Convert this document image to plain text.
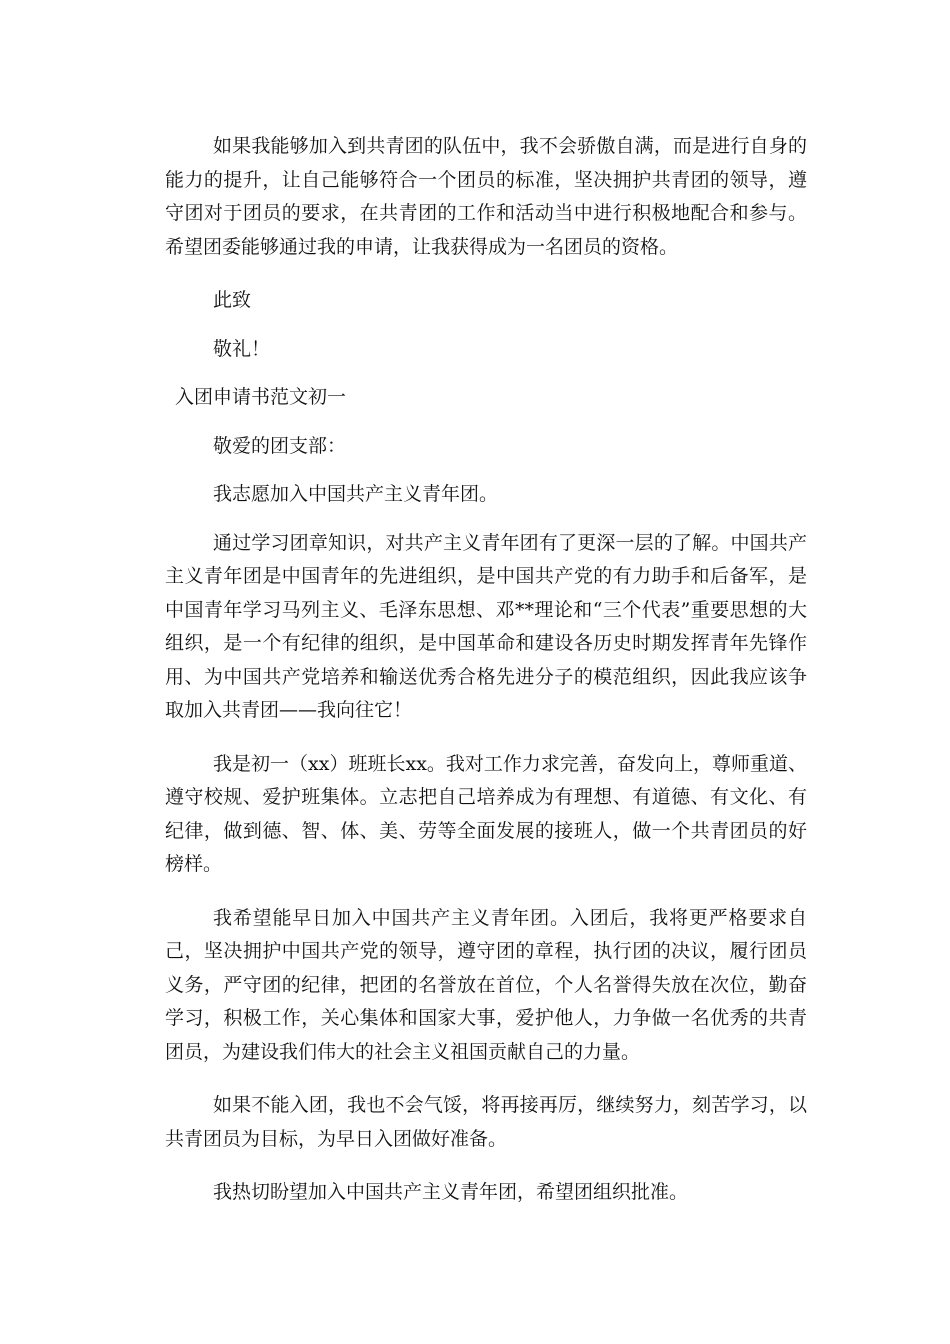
如果我能够加入到共青团的队伍中，我不会骄傲自满，而是进行自身的能力的提升，让自己能够符合一个团员的标准，坚决拥护共青团的领导，遵守团对于团员的要求，在共青团的工作和活动当中进行积极地配合和参与。希望团委能够通过我的申请，让我获得成为一名团员的资格。

此致

敬礼！

入团申请书范文初一

敬爱的团支部：

我志愿加入中国共产主义青年团。

通过学习团章知识，对共产主义青年团有了更深一层的了解。中国共产主义青年团是中国青年的先进组织，是中国共产党的有力助手和后备军，是中国青年学习马列主义、毛泽东思想、邓**理论和“三个代表”重要思想的大组织，是一个有纪律的组织，是中国革命和建设各历史时期发挥青年先锋作用、为中国共产党培养和输送优秀合格先进分子的模范组织，因此我应该争取加入共青团——我向往它！

我是初一（xx）班班长xx。我对工作力求完善，奋发向上，尊师重道、遵守校规、爱护班集体。立志把自己培养成为有理想、有道德、有文化、有纪律，做到德、智、体、美、劳等全面发展的接班人，做一个共青团员的好榜样。

我希望能早日加入中国共产主义青年团。入团后，我将更严格要求自己，坚决拥护中国共产党的领导，遵守团的章程，执行团的决议，履行团员义务，严守团的纪律，把团的名誉放在首位，个人名誉得失放在次位，勤奋学习，积极工作，关心集体和国家大事，爱护他人，力争做一名优秀的共青团员，为建设我们伟大的社会主义祖国贡献自己的力量。

如果不能入团，我也不会气馁，将再接再厉，继续努力，刻苦学习，以共青团员为目标，为早日入团做好准备。

我热切盼望加入中国共产主义青年团，希望团组织批准。
